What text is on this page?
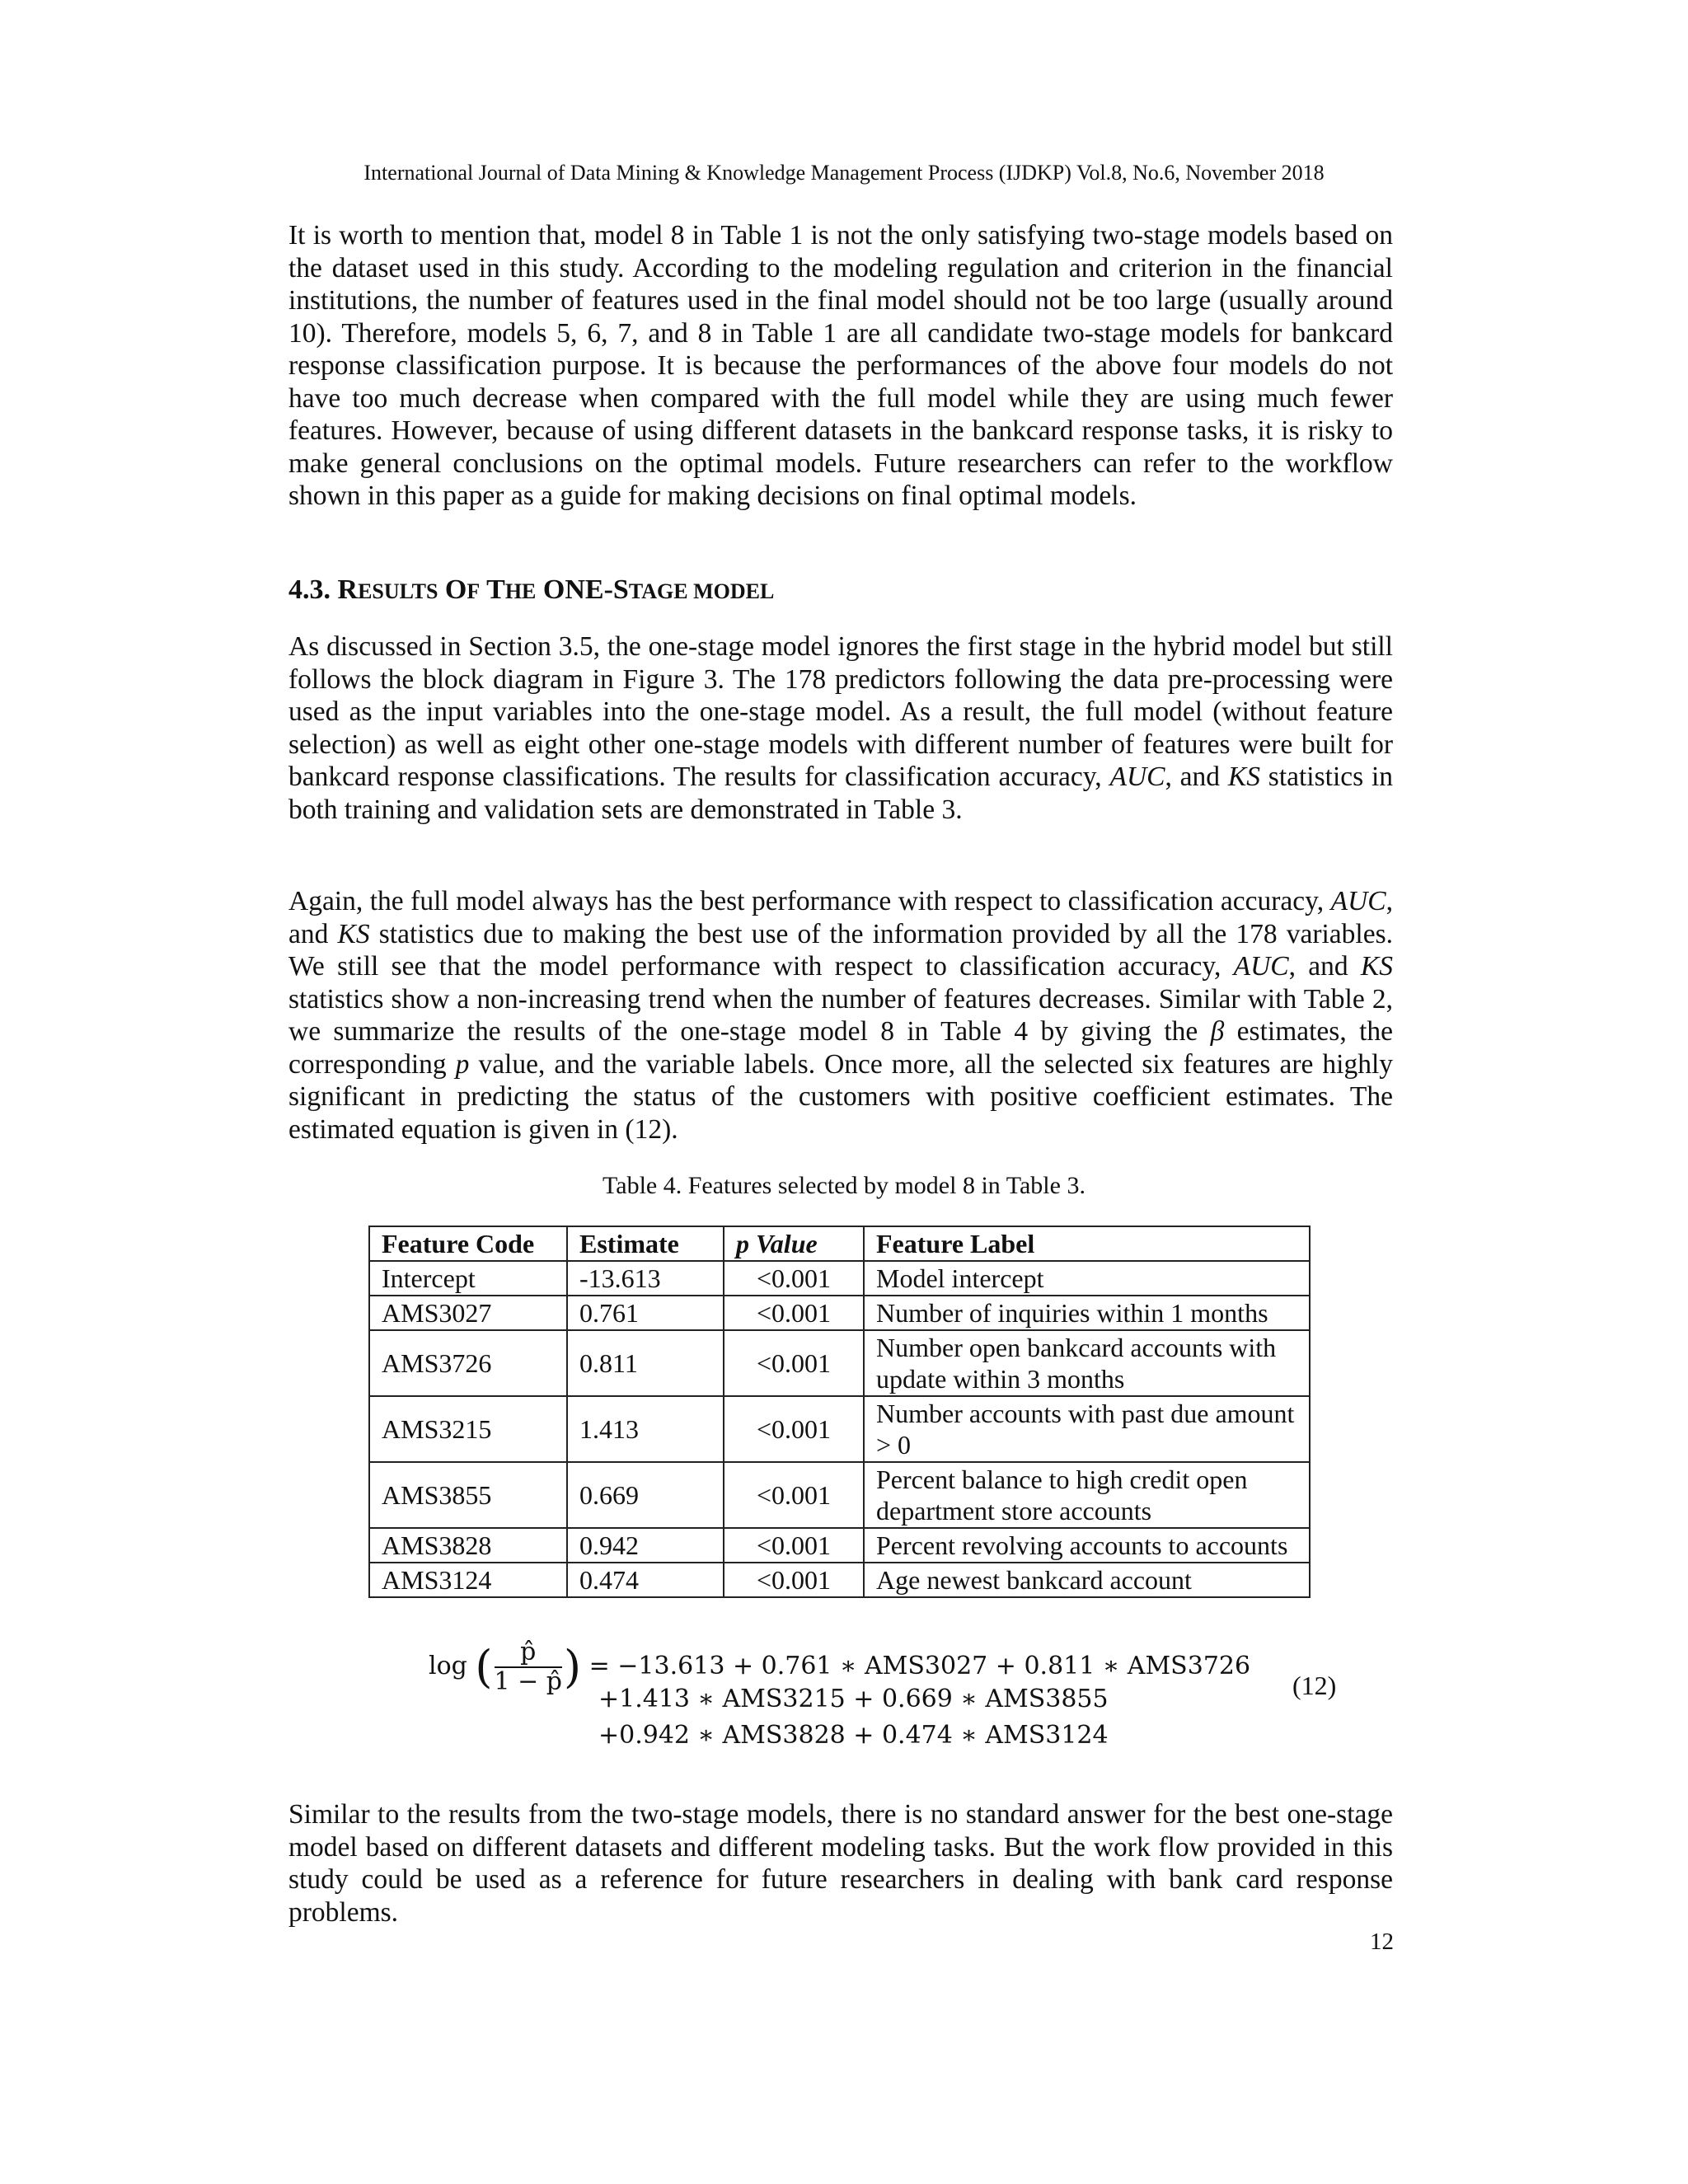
International Journal of Data Mining & Knowledge Management Process (IJDKP) Vol.8, No.6, November 2018

It is worth to mention that, model 8 in Table 1 is not the only satisfying two-stage models based on the dataset used in this study. According to the modeling regulation and criterion in the financial institutions, the number of features used in the final model should not be too large (usually around 10). Therefore, models 5, 6, 7, and 8 in Table 1 are all candidate two-stage models for bankcard response classification purpose. It is because the performances of the above four models do not have too much decrease when compared with the full model while they are using much fewer features. However, because of using different datasets in the bankcard response tasks, it is risky to make general conclusions on the optimal models. Future researchers can refer to the workflow shown in this paper as a guide for making decisions on final optimal models.

4.3. RESULTS OF THE ONE-STAGE MODEL

As discussed in Section 3.5, the one-stage model ignores the first stage in the hybrid model but still follows the block diagram in Figure 3. The 178 predictors following the data pre-processing were used as the input variables into the one-stage model. As a result, the full model (without feature selection) as well as eight other one-stage models with different number of features were built for bankcard response classifications. The results for classification accuracy, AUC, and KS statistics in both training and validation sets are demonstrated in Table 3.

Again, the full model always has the best performance with respect to classification accuracy, AUC, and KS statistics due to making the best use of the information provided by all the 178 variables. We still see that the model performance with respect to classification accuracy, AUC, and KS statistics show a non-increasing trend when the number of features decreases. Similar with Table 2, we summarize the results of the one-stage model 8 in Table 4 by giving the β estimates, the corresponding p value, and the variable labels. Once more, all the selected six features are highly significant in predicting the status of the customers with positive coefficient estimates. The estimated equation is given in (12).

Table 4. Features selected by model 8 in Table 3.
Feature Code	Estimate	p Value	Feature Label
Intercept	-13.613	<0.001	Model intercept
AMS3027	0.761	<0.001	Number of inquiries within 1 months
AMS3726	0.811	<0.001	Number open bankcard accounts with update within 3 months
AMS3215	1.413	<0.001	Number accounts with past due amount > 0
AMS3855	0.669	<0.001	Percent balance to high credit open department store accounts
AMS3828	0.942	<0.001	Percent revolving accounts to accounts
AMS3124	0.474	<0.001	Age newest bankcard account
log ( $\frac{p̂}{1 - p̂}$ ) = −13.613 + 0.761 ∗ AMS3027 + 0.811 ∗ AMS3726
+1.413 ∗ AMS3215 + 0.669 ∗ AMS3855
+0.942 ∗ AMS3828 + 0.474 ∗ AMS3124
(12)

Similar to the results from the two-stage models, there is no standard answer for the best one-stage model based on different datasets and different modeling tasks. But the work flow provided in this study could be used as a reference for future researchers in dealing with bank card response problems.

12
